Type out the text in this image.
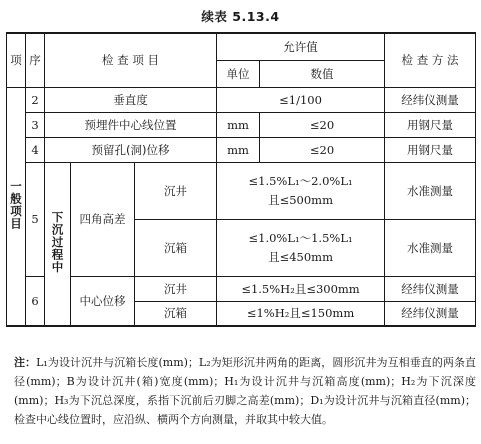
续表 5.13.4
项	序	检 查 项 目			允许值		检 查 方 法
					单位	数值	
一般项目	2	垂直度			≤1/100		经纬仪测量
	3	预埋件中心线位置			mm	≤20	用钢尺量
	4	预留孔(洞)位移			mm	≤20	用钢尺量
	5	下沉过程中	四角高差	沉井	≤1.5%L₁～2.0%L₁
且≤500mm		水准测量
				沉箱	≤1.0%L₁～1.5%L₁
且≤450mm		水准测量
	6		中心位移	沉井	≤1.5%H₂且≤300mm		经纬仪测量
				沉箱	≤1%H₂且≤150mm		经纬仪测量
注：L₁为设计沉井与沉箱长度(mm)；L₂为矩形沉井两角的距离，圆形沉井为互相垂直的两条直径(mm)；B为设计沉井(箱)宽度(mm)；H₁为设计沉井与沉箱高度(mm)；H₂为下沉深度(mm)；H₃为下沉总深度，系指下沉前后刃脚之高差(mm)；D₁为设计沉井与沉箱直径(mm)；检查中心线位置时，应沿纵、横两个方向测量，并取其中较大值。
